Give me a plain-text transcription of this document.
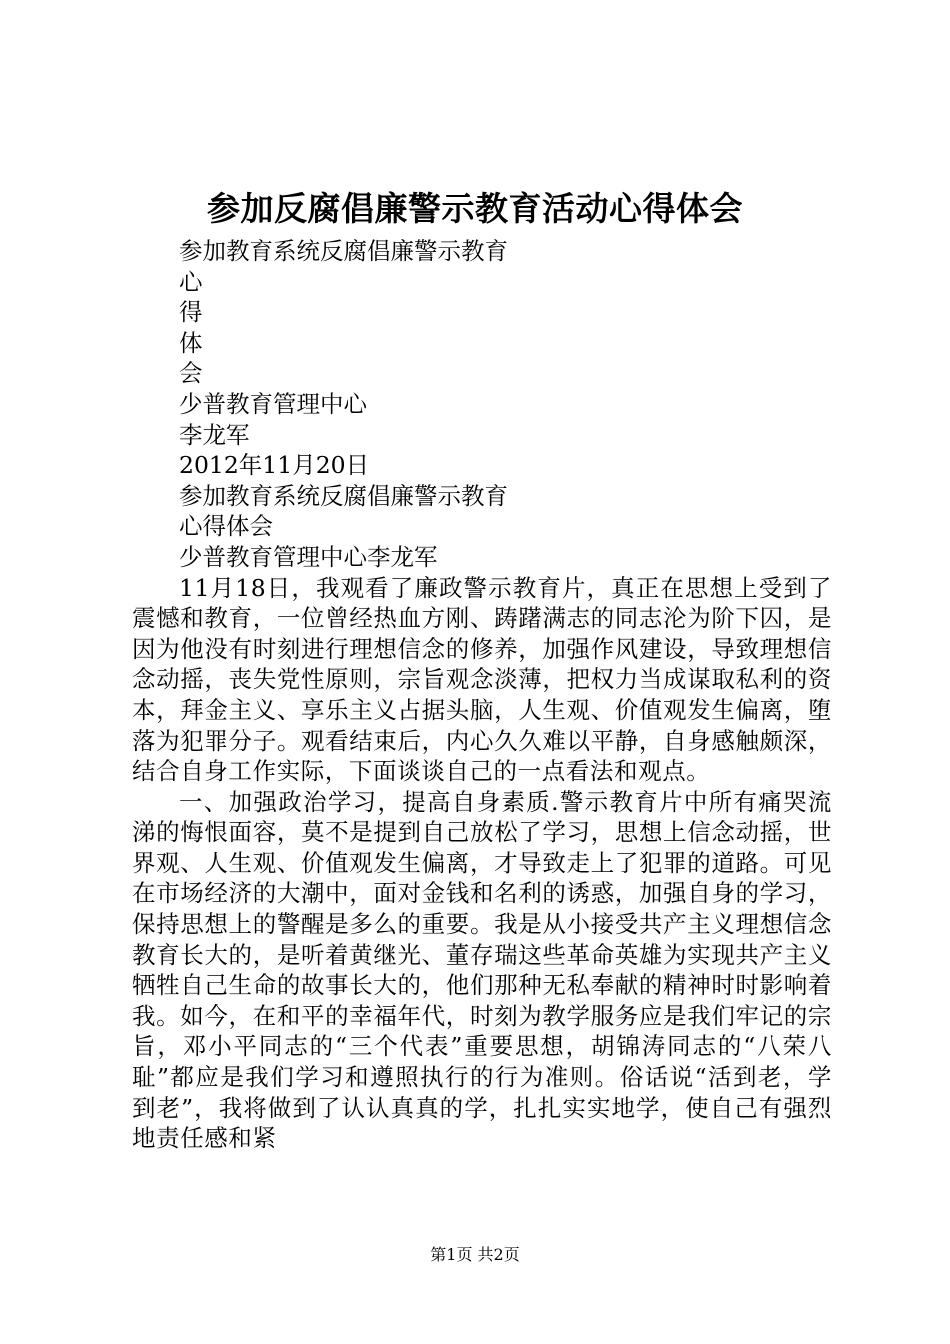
参加反腐倡廉警示教育活动心得体会
参加教育系统反腐倡廉警示教育
心
得
体
会
少普教育管理中心
李龙军
2012年11月20日
参加教育系统反腐倡廉警示教育
心得体会
少普教育管理中心李龙军

11月18日，我观看了廉政警示教育片，真正在思想上受到了震憾和教育，一位曾经热血方刚、踌躇满志的同志沦为阶下囚，是因为他没有时刻进行理想信念的修养，加强作风建设，导致理想信念动摇，丧失党性原则，宗旨观念淡薄，把权力当成谋取私利的资本，拜金主义、享乐主义占据头脑，人生观、价值观发生偏离，堕落为犯罪分子。观看结束后，内心久久难以平静，自身感触颇深，结合自身工作实际，下面谈谈自己的一点看法和观点。

一、加强政治学习，提高自身素质.警示教育片中所有痛哭流涕的悔恨面容，莫不是提到自己放松了学习，思想上信念动摇，世界观、人生观、价值观发生偏离，才导致走上了犯罪的道路。可见在市场经济的大潮中，面对金钱和名利的诱惑，加强自身的学习，保持思想上的警醒是多么的重要。我是从小接受共产主义理想信念教育长大的，是听着黄继光、董存瑞这些革命英雄为实现共产主义牺牲自己生命的故事长大的，他们那种无私奉献的精神时时影响着我。如今，在和平的幸福年代，时刻为教学服务应是我们牢记的宗旨，邓小平同志的“三个代表”重要思想，胡锦涛同志的“八荣八耻”都应是我们学习和遵照执行的行为准则。俗话说“活到老，学到老”，我将做到了认认真真的学，扎扎实实地学，使自己有强烈地责任感和紧

第1页 共2页
